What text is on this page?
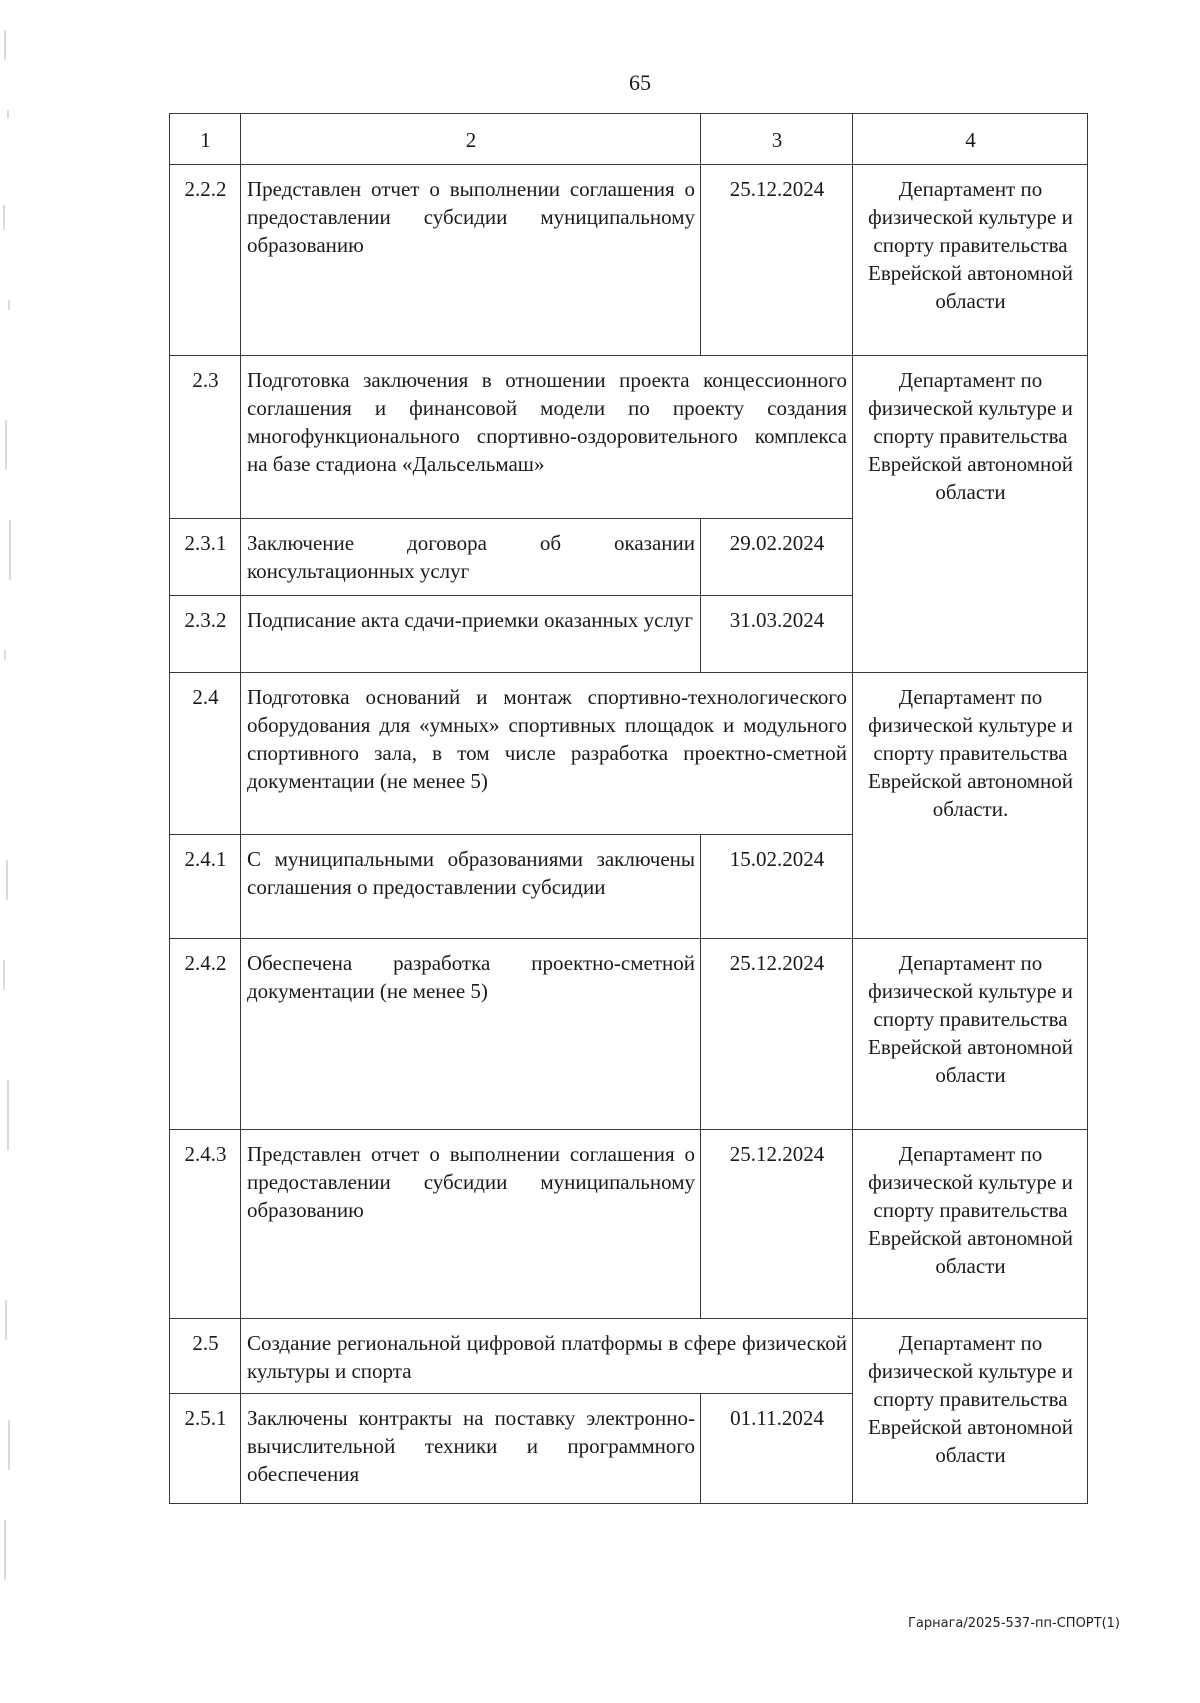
65
1	2	3	4
2.2.2	Представлен отчет о выполнении соглашения о предоставлении субсидии муниципальному образованию	25.12.2024	Департамент по физической культуре и спорту правительства Еврейской автономной области
2.3	Подготовка заключения в отношении проекта концессионного соглашения и финансовой модели по проекту создания многофункционального спортивно-оздоровительного комплекса на базе стадиона «Дальсельмаш»		Департамент по физической культуре и спорту правительства Еврейской автономной области
2.3.1	Заключение договора об оказании консультационных услуг	29.02.2024	
2.3.2	Подписание акта сдачи-приемки оказанных услуг	31.03.2024	
2.4	Подготовка оснований и монтаж спортивно-технологического оборудования для «умных» спортивных площадок и модульного спортивного зала, в том числе разработка проектно-сметной документации (не менее 5)		Департамент по физической культуре и спорту правительства Еврейской автономной области.
2.4.1	С муниципальными образованиями заключены соглашения о предоставлении субсидии	15.02.2024	
2.4.2	Обеспечена разработка проектно-сметной документации (не менее 5)	25.12.2024	Департамент по физической культуре и спорту правительства Еврейской автономной области
2.4.3	Представлен отчет о выполнении соглашения о предоставлении субсидии муниципальному образованию	25.12.2024	Департамент по физической культуре и спорту правительства Еврейской автономной области
2.5	Создание региональной цифровой платформы в сфере физической культуры и спорта		Департамент по физической культуре и спорту правительства Еврейской автономной области
2.5.1	Заключены контракты на поставку электронно-вычислительной техники и программного обеспечения	01.11.2024	
Гарнага/2025-537-пп-СПОРТ(1)
